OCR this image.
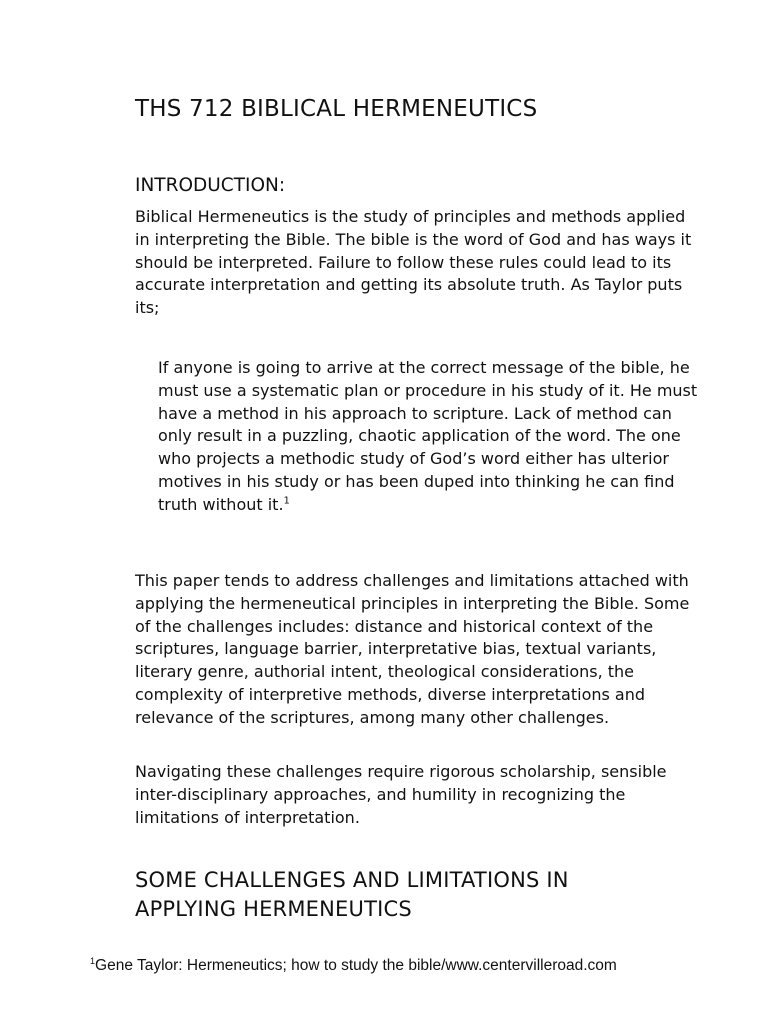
THS 712 BIBLICAL HERMENEUTICS
INTRODUCTION:

Biblical Hermeneutics is the study of principles and methods applied in interpreting the Bible. The bible is the word of God and has ways it should be interpreted. Failure to follow these rules could lead to its accurate interpretation and getting its absolute truth. As Taylor puts its;

If anyone is going to arrive at the correct message of the bible, he must use a systematic plan or procedure in his study of it. He must have a method in his approach to scripture. Lack of method can only result in a puzzling, chaotic application of the word. The one who projects a methodic study of God’s word either has ulterior motives in his study or has been duped into thinking he can find truth without it.$^1$

This paper tends to address challenges and limitations attached with applying the hermeneutical principles in interpreting the Bible. Some of the challenges includes: distance and historical context of the scriptures, language barrier, interpretative bias, textual variants, literary genre, authorial intent, theological considerations, the complexity of interpretive methods, diverse interpretations and relevance of the scriptures, among many other challenges.

Navigating these challenges require rigorous scholarship, sensible inter-disciplinary approaches, and humility in recognizing the limitations of interpretation.

SOME CHALLENGES AND LIMITATIONS IN APPLYING HERMENEUTICS

$^1$Gene Taylor: Hermeneutics; how to study the bible/www.centervilleroad.com
